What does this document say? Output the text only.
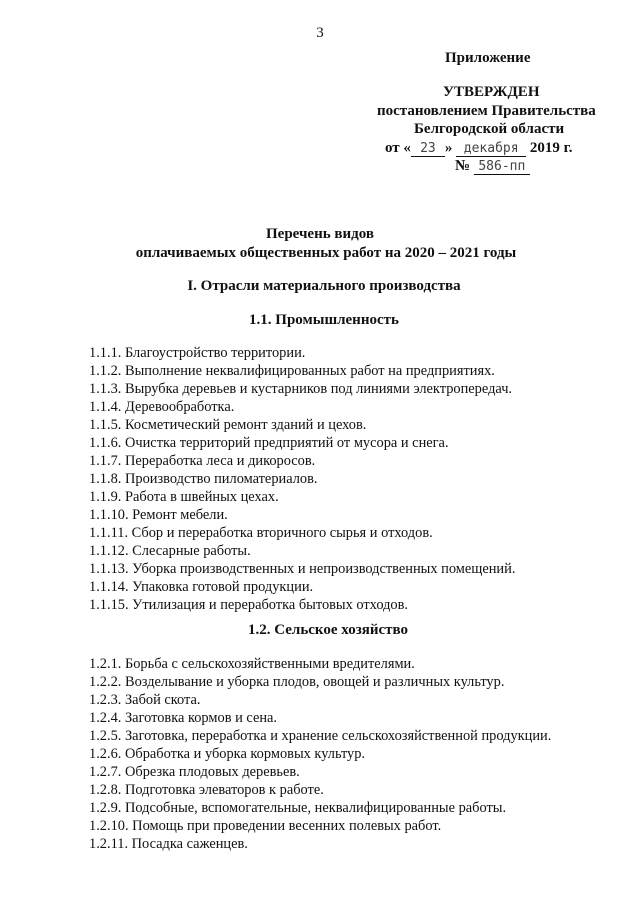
3
Приложение
УТВЕРЖДЕН
постановлением Правительства
Белгородской области
от « 23 » декабря 2019 г.
№ 586-пп
Перечень видов
оплачиваемых общественных работ на 2020 – 2021 годы
I. Отрасли материального производства
1.1. Промышленность
1.1.1. Благоустройство территории.
1.1.2. Выполнение неквалифицированных работ на предприятиях.
1.1.3. Вырубка деревьев и кустарников под линиями электропередач.
1.1.4. Деревообработка.
1.1.5. Косметический ремонт зданий и цехов.
1.1.6. Очистка территорий предприятий от мусора и снега.
1.1.7. Переработка леса и дикоросов.
1.1.8. Производство пиломатериалов.
1.1.9. Работа в швейных цехах.
1.1.10. Ремонт мебели.
1.1.11. Сбор и переработка вторичного сырья и отходов.
1.1.12. Слесарные работы.
1.1.13. Уборка производственных и непроизводственных помещений.
1.1.14. Упаковка готовой продукции.
1.1.15. Утилизация и переработка бытовых отходов.
1.2. Сельское хозяйство
1.2.1. Борьба с сельскохозяйственными вредителями.
1.2.2. Возделывание и уборка плодов, овощей и различных культур.
1.2.3. Забой скота.
1.2.4. Заготовка кормов и сена.
1.2.5. Заготовка, переработка и хранение сельскохозяйственной продукции.
1.2.6. Обработка и уборка кормовых культур.
1.2.7. Обрезка плодовых деревьев.
1.2.8. Подготовка элеваторов к работе.
1.2.9. Подсобные, вспомогательные, неквалифицированные работы.
1.2.10. Помощь при проведении весенних полевых работ.
1.2.11. Посадка саженцев.
